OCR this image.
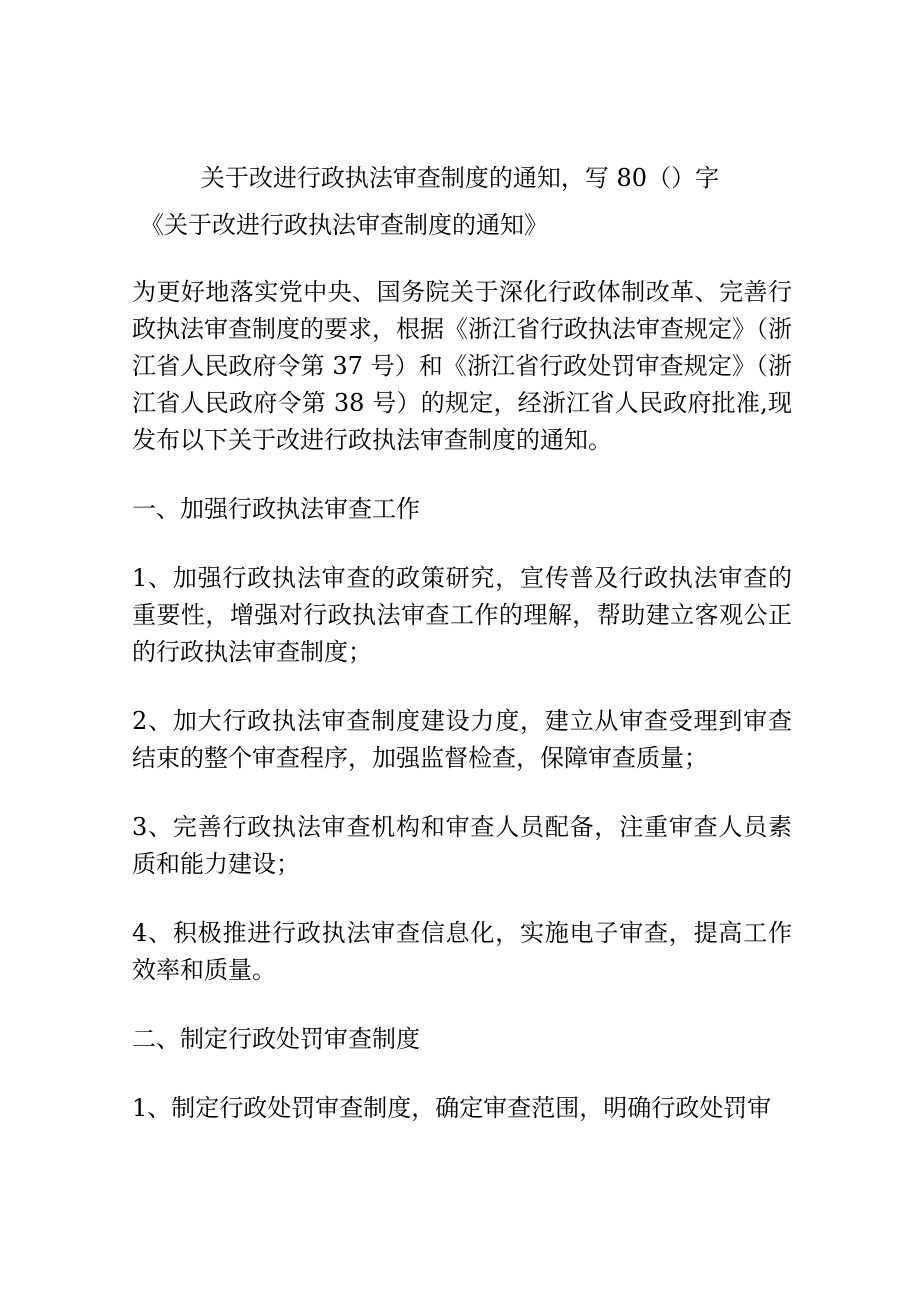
关于改进行政执法审查制度的通知，写 80（）字

《关于改进行政执法审查制度的通知》

为更好地落实党中央、国务院关于深化行政体制改革、完善行政执法审查制度的要求，根据《浙江省行政执法审查规定》（浙江省人民政府令第 37 号）和《浙江省行政处罚审查规定》（浙江省人民政府令第 38 号）的规定，经浙江省人民政府批准,现发布以下关于改进行政执法审查制度的通知。

一、加强行政执法审查工作

1、加强行政执法审查的政策研究，宣传普及行政执法审查的重要性，增强对行政执法审查工作的理解，帮助建立客观公正的行政执法审查制度；

2、加大行政执法审查制度建设力度，建立从审查受理到审查结束的整个审查程序，加强监督检查，保障审查质量；

3、完善行政执法审查机构和审查人员配备，注重审查人员素质和能力建设；

4、积极推进行政执法审查信息化，实施电子审查，提高工作效率和质量。

二、制定行政处罚审查制度

1、制定行政处罚审查制度，确定审查范围，明确行政处罚审
